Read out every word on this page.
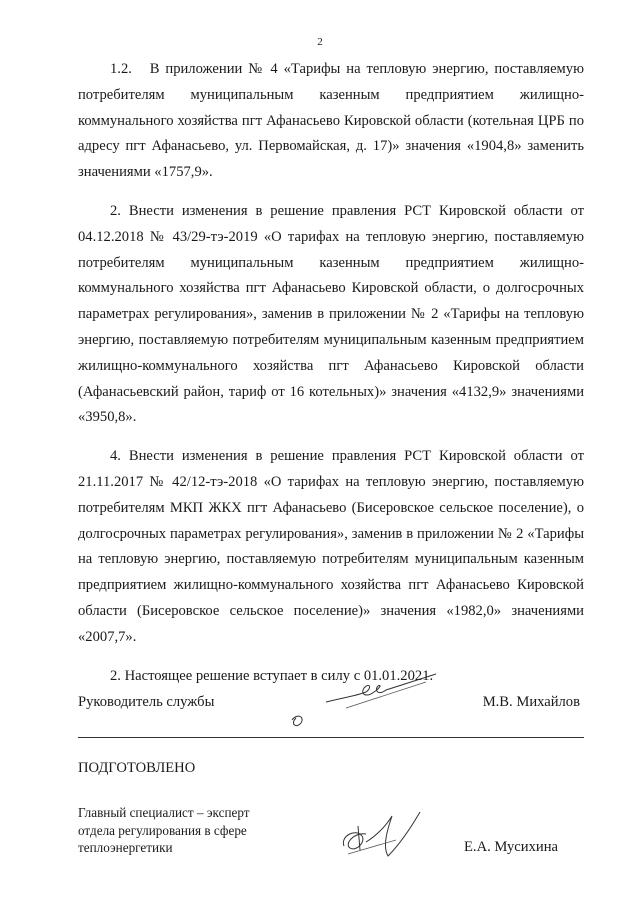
2

1.2.   В приложении № 4 «Тарифы на тепловую энергию, поставляемую потребителям муниципальным казенным предприятием жилищно-коммунального хозяйства пгт Афанасьево Кировской области (котельная ЦРБ по адресу пгт Афанасьево, ул. Первомайская, д. 17)» значения «1904,8» заменить значениями «1757,9».

2. Внести изменения в решение правления РСТ Кировской области от 04.12.2018 № 43/29-тэ-2019 «О тарифах на тепловую энергию, поставляемую потребителям муниципальным казенным предприятием жилищно-коммунального хозяйства пгт Афанасьево Кировской области, о долгосрочных параметрах регулирования», заменив в приложении № 2 «Тарифы на тепловую энергию, поставляемую потребителям муниципальным казенным предприятием жилищно-коммунального хозяйства пгт Афанасьево Кировской области (Афанасьевский район, тариф от 16 котельных)» значения «4132,9» значениями «3950,8».

4. Внести изменения в решение правления РСТ Кировской области от 21.11.2017 № 42/12-тэ-2018 «О тарифах на тепловую энергию, поставляемую потребителям МКП ЖКХ пгт Афанасьево (Бисеровское сельское поселение), о долгосрочных параметрах регулирования», заменив в приложении № 2 «Тарифы на тепловую энергию, поставляемую потребителям муниципальным казенным предприятием жилищно-коммунального хозяйства пгт Афанасьево Кировской области (Бисеровское сельское поселение)» значения «1982,0» значениями «2007,7».

2. Настоящее решение вступает в силу с 01.01.2021.

Руководитель службы	М.В. Михайлов
ПОДГОТОВЛЕНО
Главный специалист – эксперт
отдела регулирования в сфере
теплоэнергетики	Е.А. Мусихина
